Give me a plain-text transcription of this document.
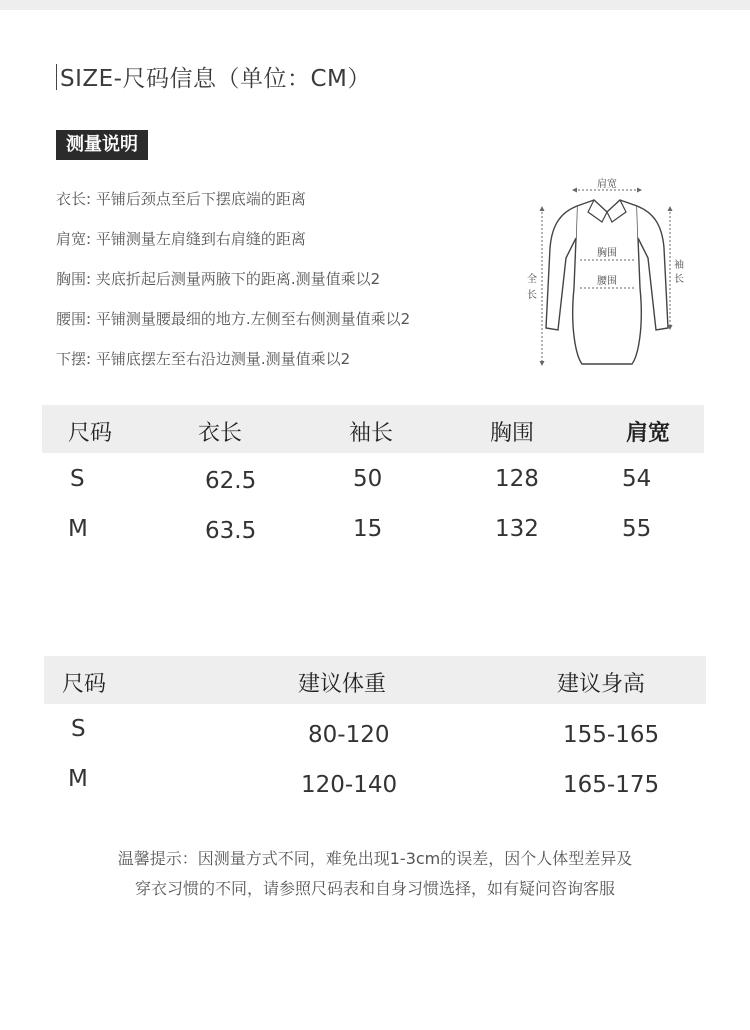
SIZE-尺码信息（单位：CM）
测量说明
衣长: 平铺后颈点至后下摆底端的距离
肩宽: 平铺测量左肩缝到右肩缝的距离
胸围: 夹底折起后测量两腋下的距离.测量值乘以2
腰围: 平铺测量腰最细的地方.左侧至右侧测量值乘以2
下摆: 平铺底摆左至右沿边测量.测量值乘以2
肩宽
胸围
腰围
全
长
袖
长
尺码	衣长	袖长	胸围	肩宽
S	62.5	50	128	54
M	63.5	15	132	55
尺码	建议体重	建议身高
S	80-120	155-165
M	120-140	165-175
温馨提示：因测量方式不同，难免出现1-3cm的误差，因个人体型差异及
穿衣习惯的不同，请参照尺码表和自身习惯选择，如有疑问咨询客服
